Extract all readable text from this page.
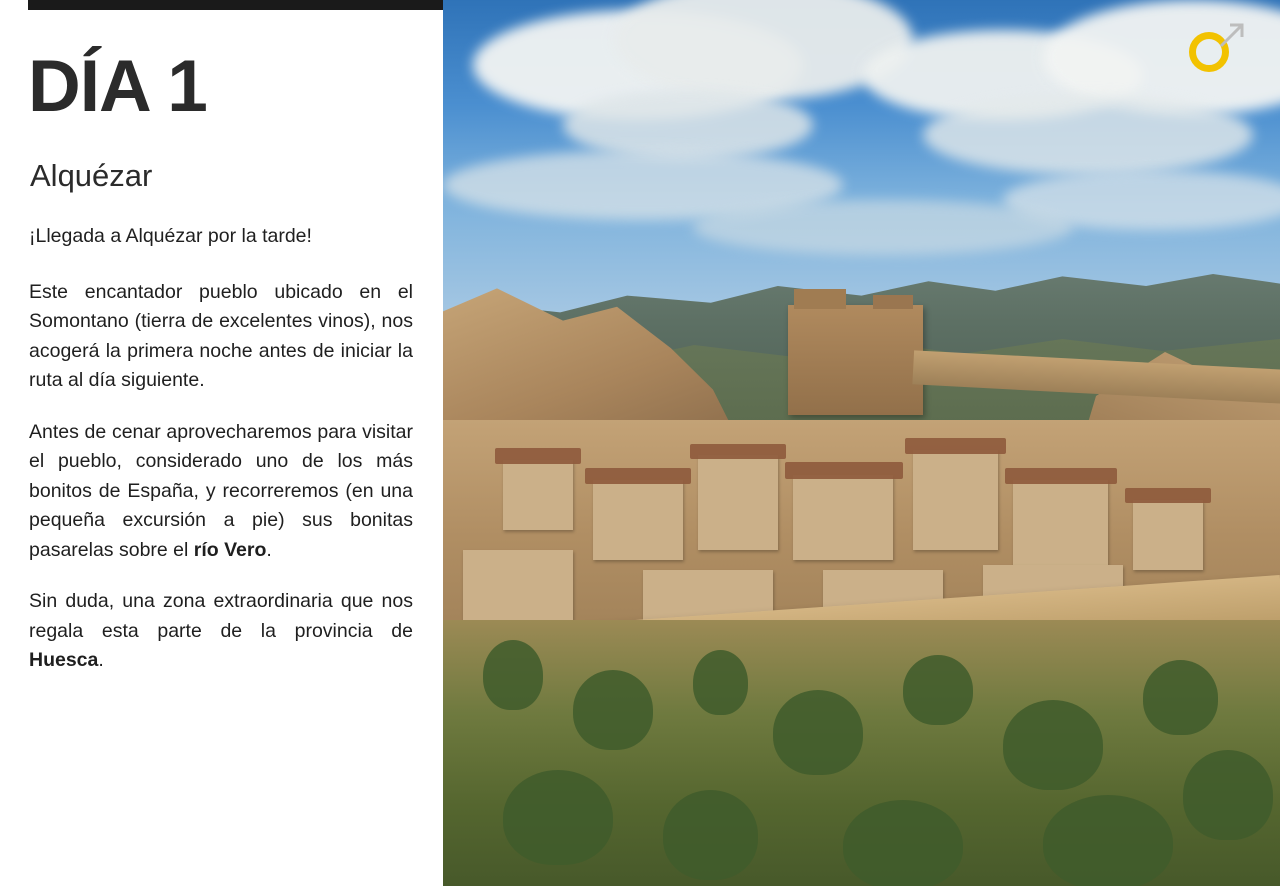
DÍA 1
Alquézar

¡Llegada a Alquézar por la tarde!

Este encantador pueblo ubicado en el Somontano (tierra de excelentes vinos), nos acogerá la primera noche antes de iniciar la ruta al día siguiente.

Antes de cenar aprovecharemos para visitar el pueblo, considerado uno de los más bonitos de España, y recorreremos (en una pequeña excursión a pie) sus bonitas pasarelas sobre el río Vero.

Sin duda, una zona extraordinaria que nos regala esta parte de la provincia de Huesca.
